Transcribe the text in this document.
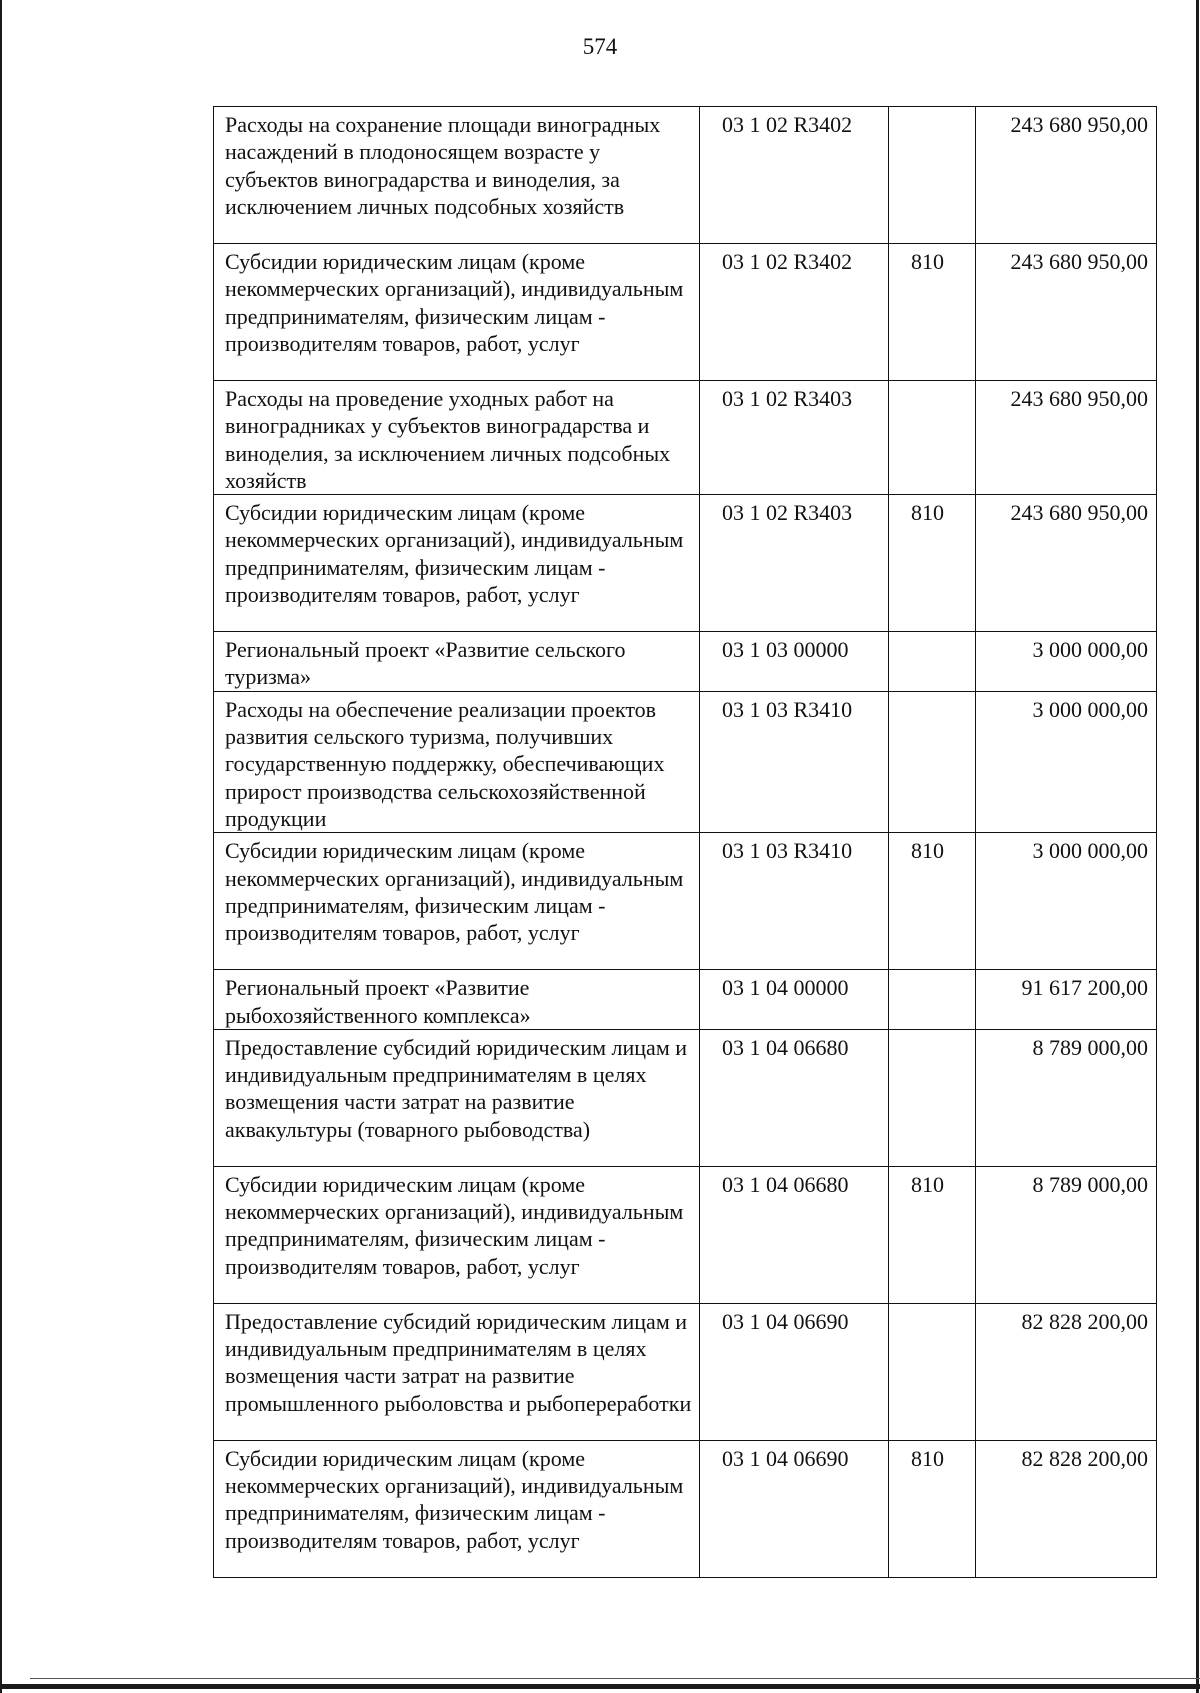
574
Расходы на сохранение площади виноградных насаждений в плодоносящем возрасте у субъектов виноградарства и виноделия, за исключением личных подсобных хозяйств	03 1 02 R3402		243 680 950,00
Субсидии юридическим лицам (кроме некоммерческих организаций), индивидуальным предпринимателям, физическим лицам - производителям товаров, работ, услуг	03 1 02 R3402	810	243 680 950,00
Расходы на проведение уходных работ на виноградниках у субъектов виноградарства и виноделия, за исключением личных подсобных хозяйств	03 1 02 R3403		243 680 950,00
Субсидии юридическим лицам (кроме некоммерческих организаций), индивидуальным предпринимателям, физическим лицам - производителям товаров, работ, услуг	03 1 02 R3403	810	243 680 950,00
Региональный проект «Развитие сельского туризма»	03 1 03 00000		3 000 000,00
Расходы на обеспечение реализации проектов развития сельского туризма, получивших государственную поддержку, обеспечивающих прирост производства сельскохозяйственной продукции	03 1 03 R3410		3 000 000,00
Субсидии юридическим лицам (кроме некоммерческих организаций), индивидуальным предпринимателям, физическим лицам - производителям товаров, работ, услуг	03 1 03 R3410	810	3 000 000,00
Региональный проект «Развитие рыбохозяйственного комплекса»	03 1 04 00000		91 617 200,00
Предоставление субсидий юридическим лицам и индивидуальным предпринимателям в целях возмещения части затрат на развитие аквакультуры (товарного рыбоводства)	03 1 04 06680		8 789 000,00
Субсидии юридическим лицам (кроме некоммерческих организаций), индивидуальным предпринимателям, физическим лицам - производителям товаров, работ, услуг	03 1 04 06680	810	8 789 000,00
Предоставление субсидий юридическим лицам и индивидуальным предпринимателям в целях возмещения части затрат на развитие промышленного рыболовства и рыбопереработки	03 1 04 06690		82 828 200,00
Субсидии юридическим лицам (кроме некоммерческих организаций), индивидуальным предпринимателям, физическим лицам - производителям товаров, работ, услуг	03 1 04 06690	810	82 828 200,00
